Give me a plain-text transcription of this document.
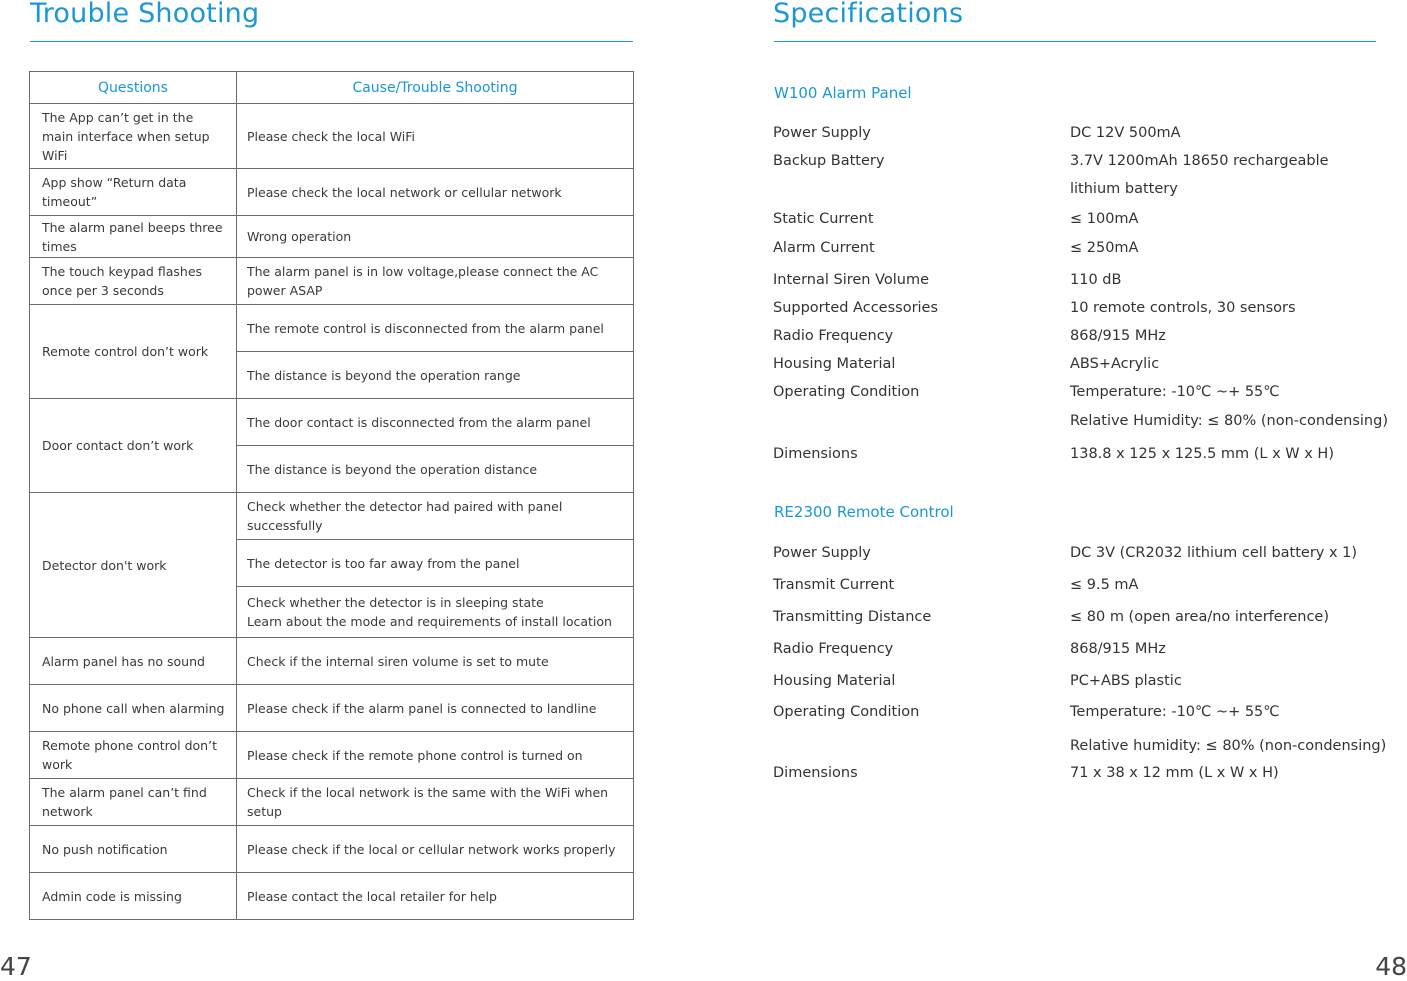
Trouble Shooting
Questions	Cause/Trouble Shooting
The App can’t get in the main interface when setup WiFi	Please check the local WiFi
App show “Return data timeout”	Please check the local network or cellular network
The alarm panel beeps three times	Wrong operation
The touch keypad flashes once per 3 seconds	The alarm panel is in low voltage,please connect the AC power ASAP
Remote control don’t work	The remote control is disconnected from the alarm panel
	The distance is beyond the operation range
Door contact don’t work	The door contact is disconnected from the alarm panel
	The distance is beyond the operation distance
Detector don't work	Check whether the detector had paired with panel successfully
	The detector is too far away from the panel
	Check whether the detector is in sleeping state
Learn about the mode and requirements of install location
Alarm panel has no sound	Check if the internal siren volume is set to mute
No phone call when alarming	Please check if the alarm panel is connected to landline
Remote phone control don’t work	Please check if the remote phone control is turned on
The alarm panel can’t find network	Check if the local network is the same with the WiFi when setup
No push notification	Please check if the local or cellular network works properly
Admin code is missing	Please contact the local retailer for help
47
Specifications
W100 Alarm Panel
Power Supply	DC 12V 500mA
Backup Battery	3.7V 1200mAh 18650 rechargeable
lithium battery
Static Current	≤ 100mA
Alarm Current	≤ 250mA
Internal Siren Volume	110 dB
Supported Accessories	10 remote controls, 30 sensors
Radio Frequency	868/915 MHz
Housing Material	ABS+Acrylic
Operating Condition	Temperature: -10℃ ~+ 55℃
Relative Humidity: ≤ 80% (non-condensing)
Dimensions	138.8 x 125 x 125.5 mm (L x W x H)
RE2300 Remote Control
Power Supply	DC 3V (CR2032 lithium cell battery x 1)
Transmit Current	≤ 9.5 mA
Transmitting Distance	≤ 80 m (open area/no interference)
Radio Frequency	868/915 MHz
Housing Material	PC+ABS plastic
Operating Condition	Temperature: -10℃ ~+ 55℃

Relative humidity: ≤ 80% (non-condensing)
Dimensions	71 x 38 x 12 mm (L x W x H)
48
